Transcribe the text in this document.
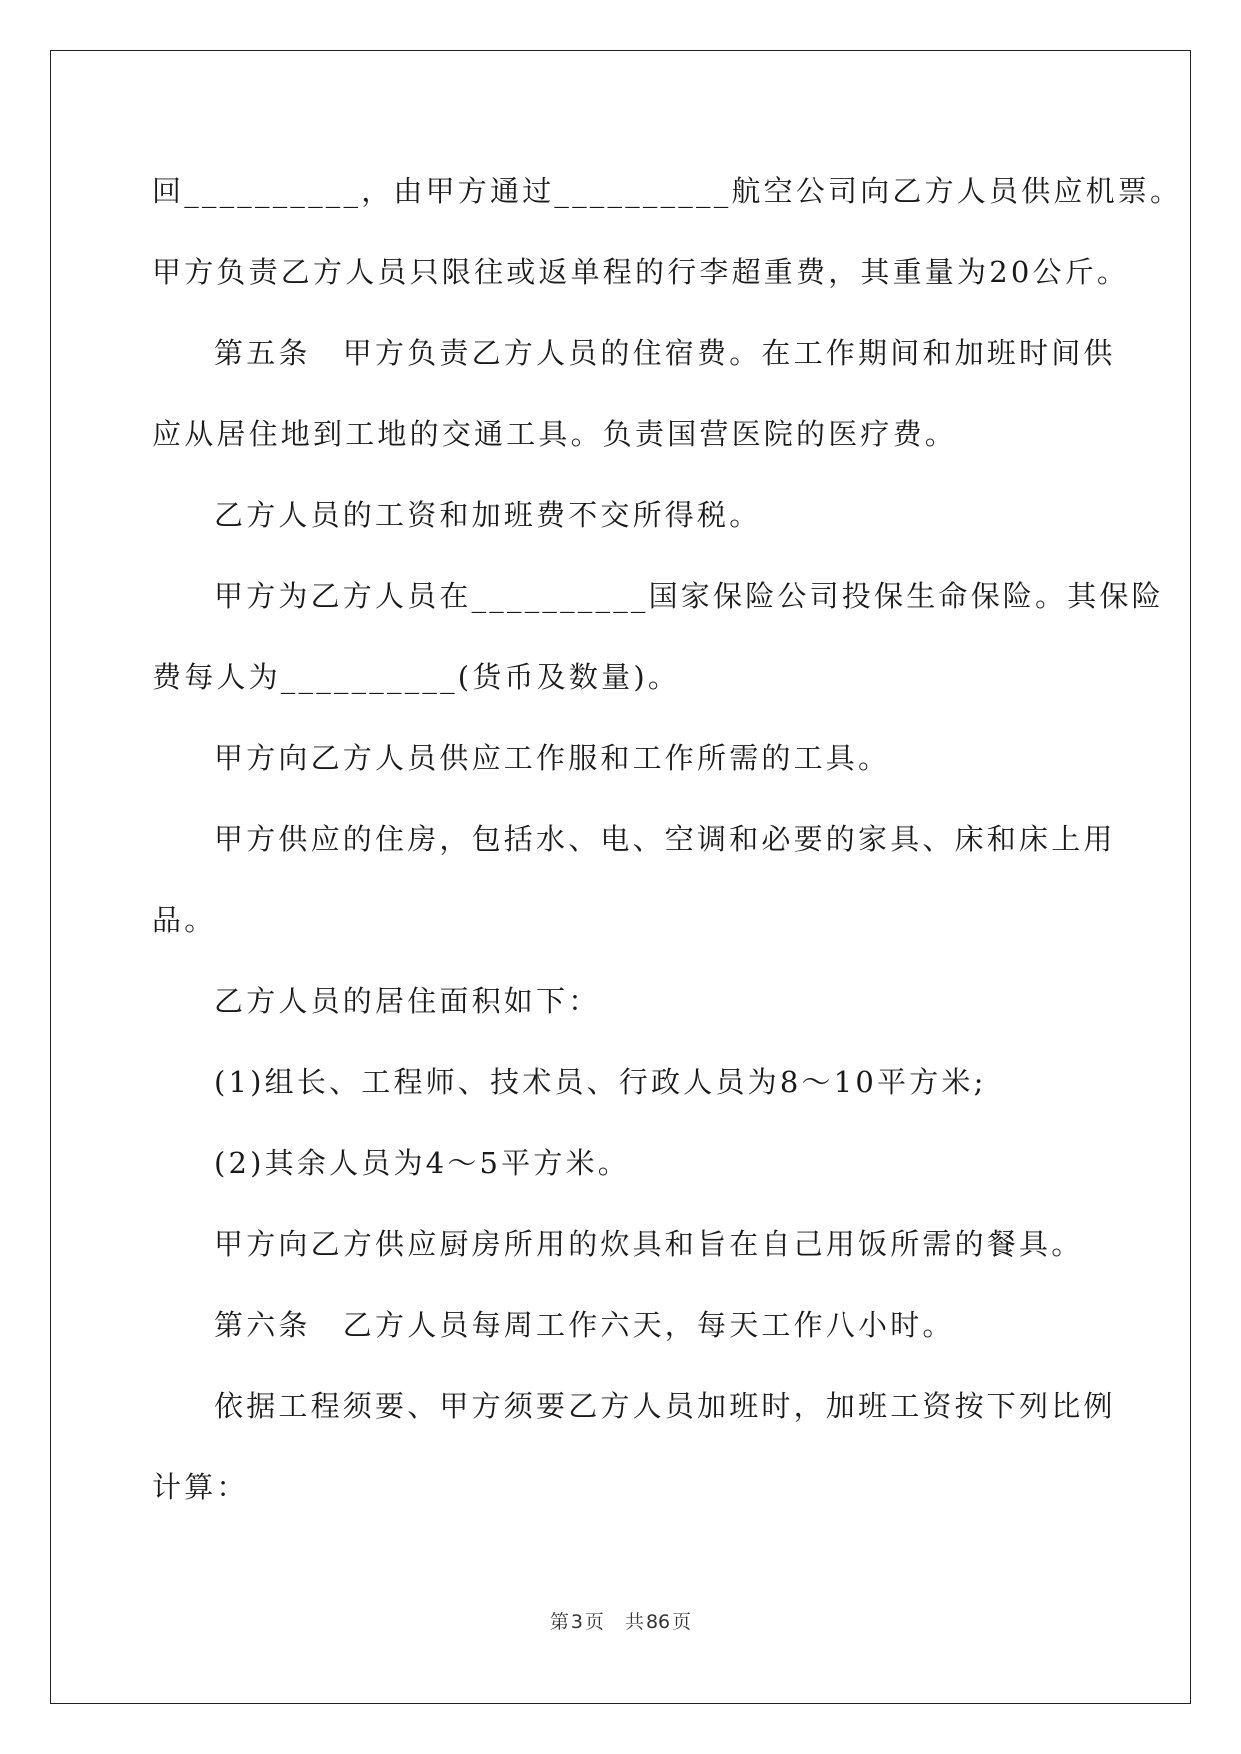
回__________，由甲方通过__________航空公司向乙方人员供应机票。
甲方负责乙方人员只限往或返单程的行李超重费，其重量为20公斤。
第五条　甲方负责乙方人员的住宿费。在工作期间和加班时间供
应从居住地到工地的交通工具。负责国营医院的医疗费。
乙方人员的工资和加班费不交所得税。
甲方为乙方人员在__________国家保险公司投保生命保险。其保险
费每人为__________(货币及数量)。
甲方向乙方人员供应工作服和工作所需的工具。
甲方供应的住房，包括水、电、空调和必要的家具、床和床上用
品。
乙方人员的居住面积如下：
(1)组长、工程师、技术员、行政人员为8～10平方米;
(2)其余人员为4～5平方米。
甲方向乙方供应厨房所用的炊具和旨在自己用饭所需的餐具。
第六条　乙方人员每周工作六天，每天工作八小时。
依据工程须要、甲方须要乙方人员加班时，加班工资按下列比例
计算：
第 3 页　 共 86 页
